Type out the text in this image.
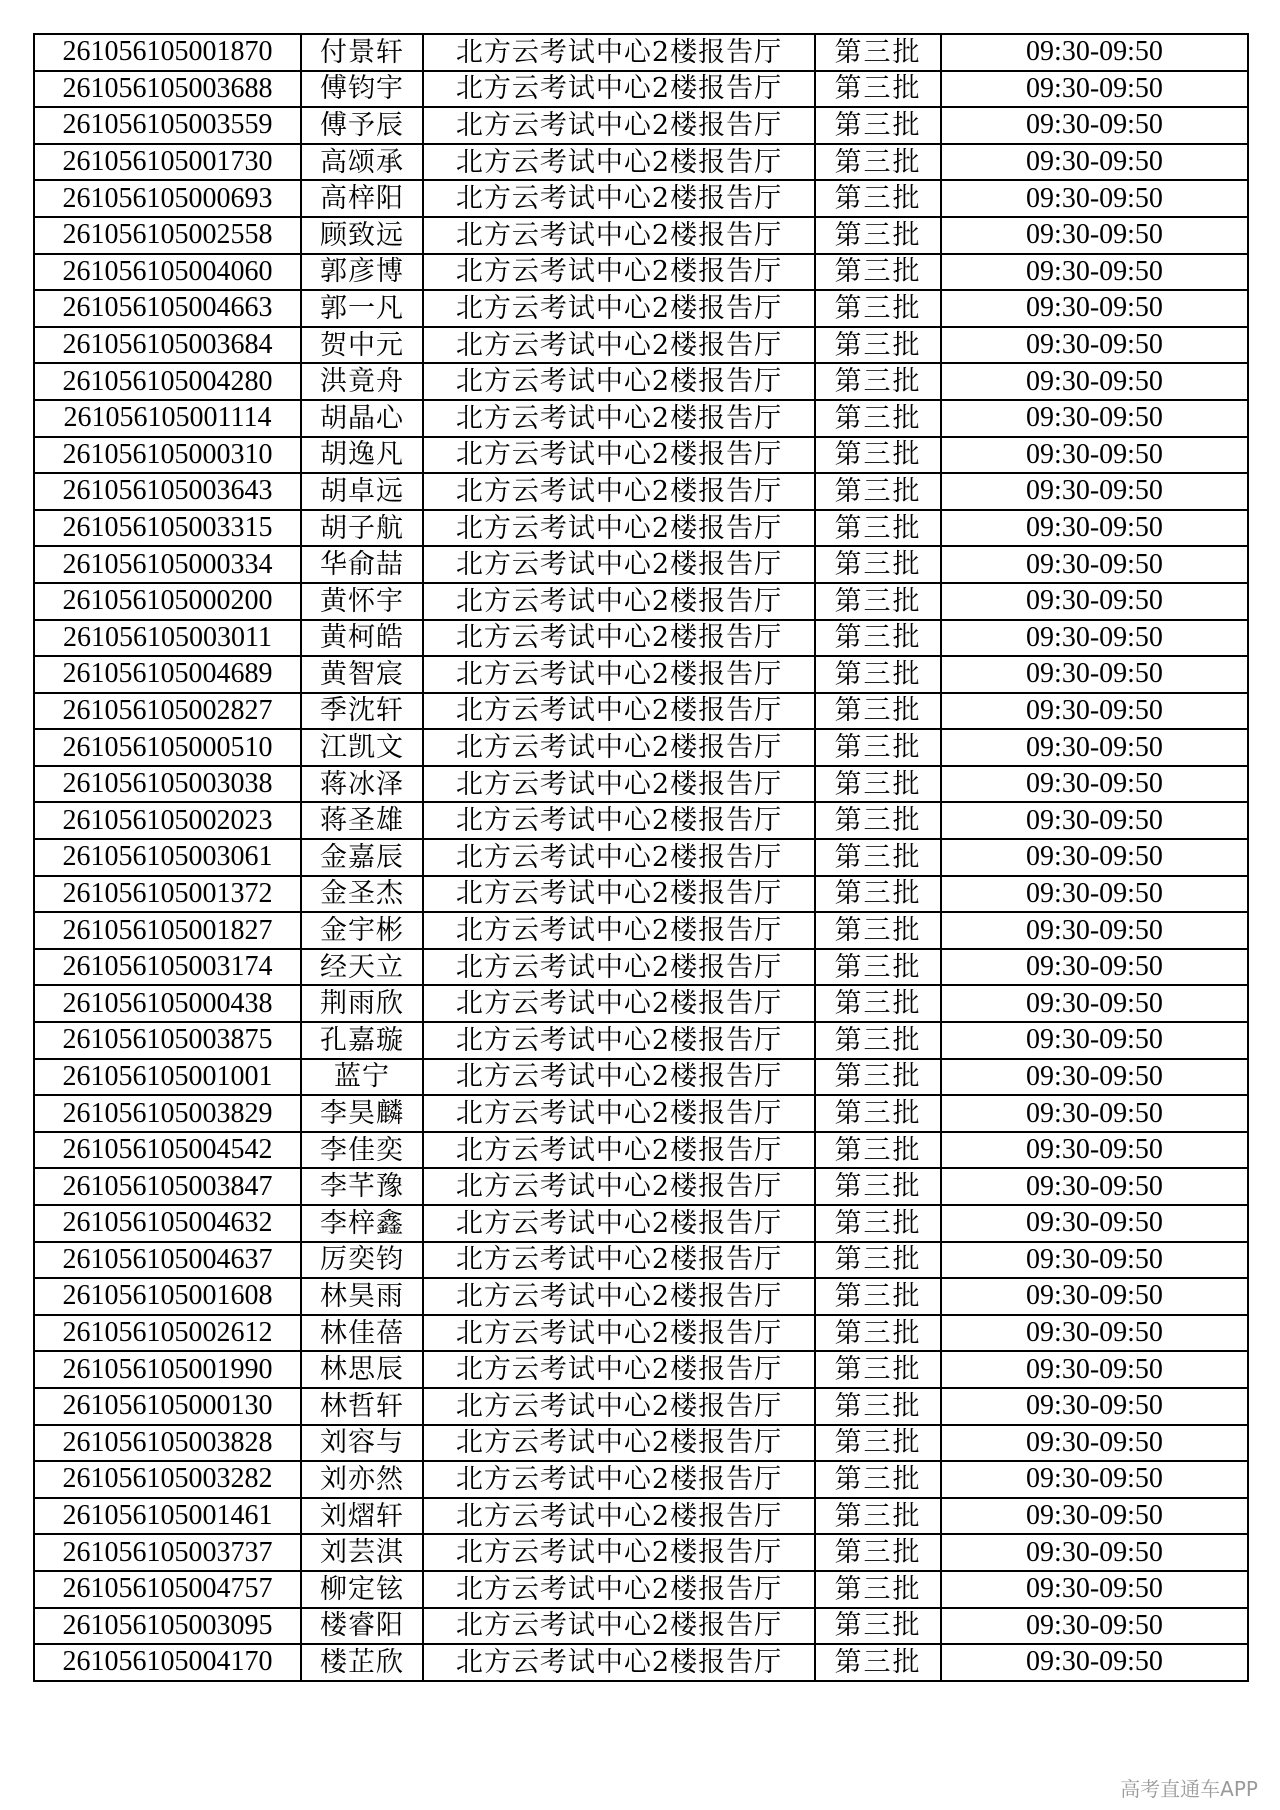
261056105001870	付景轩	北方云考试中心2楼报告厅	第三批	09:30-09:50
261056105003688	傅钧宇	北方云考试中心2楼报告厅	第三批	09:30-09:50
261056105003559	傅予辰	北方云考试中心2楼报告厅	第三批	09:30-09:50
261056105001730	高颂承	北方云考试中心2楼报告厅	第三批	09:30-09:50
261056105000693	高梓阳	北方云考试中心2楼报告厅	第三批	09:30-09:50
261056105002558	顾致远	北方云考试中心2楼报告厅	第三批	09:30-09:50
261056105004060	郭彦博	北方云考试中心2楼报告厅	第三批	09:30-09:50
261056105004663	郭一凡	北方云考试中心2楼报告厅	第三批	09:30-09:50
261056105003684	贺中元	北方云考试中心2楼报告厅	第三批	09:30-09:50
261056105004280	洪竟舟	北方云考试中心2楼报告厅	第三批	09:30-09:50
261056105001114	胡晶心	北方云考试中心2楼报告厅	第三批	09:30-09:50
261056105000310	胡逸凡	北方云考试中心2楼报告厅	第三批	09:30-09:50
261056105003643	胡卓远	北方云考试中心2楼报告厅	第三批	09:30-09:50
261056105003315	胡子航	北方云考试中心2楼报告厅	第三批	09:30-09:50
261056105000334	华俞喆	北方云考试中心2楼报告厅	第三批	09:30-09:50
261056105000200	黄怀宇	北方云考试中心2楼报告厅	第三批	09:30-09:50
261056105003011	黄柯皓	北方云考试中心2楼报告厅	第三批	09:30-09:50
261056105004689	黄智宸	北方云考试中心2楼报告厅	第三批	09:30-09:50
261056105002827	季沈轩	北方云考试中心2楼报告厅	第三批	09:30-09:50
261056105000510	江凯文	北方云考试中心2楼报告厅	第三批	09:30-09:50
261056105003038	蒋冰泽	北方云考试中心2楼报告厅	第三批	09:30-09:50
261056105002023	蒋圣雄	北方云考试中心2楼报告厅	第三批	09:30-09:50
261056105003061	金嘉辰	北方云考试中心2楼报告厅	第三批	09:30-09:50
261056105001372	金圣杰	北方云考试中心2楼报告厅	第三批	09:30-09:50
261056105001827	金宇彬	北方云考试中心2楼报告厅	第三批	09:30-09:50
261056105003174	经天立	北方云考试中心2楼报告厅	第三批	09:30-09:50
261056105000438	荆雨欣	北方云考试中心2楼报告厅	第三批	09:30-09:50
261056105003875	孔嘉璇	北方云考试中心2楼报告厅	第三批	09:30-09:50
261056105001001	蓝宁	北方云考试中心2楼报告厅	第三批	09:30-09:50
261056105003829	李昊麟	北方云考试中心2楼报告厅	第三批	09:30-09:50
261056105004542	李佳奕	北方云考试中心2楼报告厅	第三批	09:30-09:50
261056105003847	李芊豫	北方云考试中心2楼报告厅	第三批	09:30-09:50
261056105004632	李梓鑫	北方云考试中心2楼报告厅	第三批	09:30-09:50
261056105004637	厉奕钧	北方云考试中心2楼报告厅	第三批	09:30-09:50
261056105001608	林昊雨	北方云考试中心2楼报告厅	第三批	09:30-09:50
261056105002612	林佳蓓	北方云考试中心2楼报告厅	第三批	09:30-09:50
261056105001990	林思辰	北方云考试中心2楼报告厅	第三批	09:30-09:50
261056105000130	林哲轩	北方云考试中心2楼报告厅	第三批	09:30-09:50
261056105003828	刘容与	北方云考试中心2楼报告厅	第三批	09:30-09:50
261056105003282	刘亦然	北方云考试中心2楼报告厅	第三批	09:30-09:50
261056105001461	刘熠轩	北方云考试中心2楼报告厅	第三批	09:30-09:50
261056105003737	刘芸淇	北方云考试中心2楼报告厅	第三批	09:30-09:50
261056105004757	柳定铉	北方云考试中心2楼报告厅	第三批	09:30-09:50
261056105003095	楼睿阳	北方云考试中心2楼报告厅	第三批	09:30-09:50
261056105004170	楼芷欣	北方云考试中心2楼报告厅	第三批	09:30-09:50
高考直通车APP
